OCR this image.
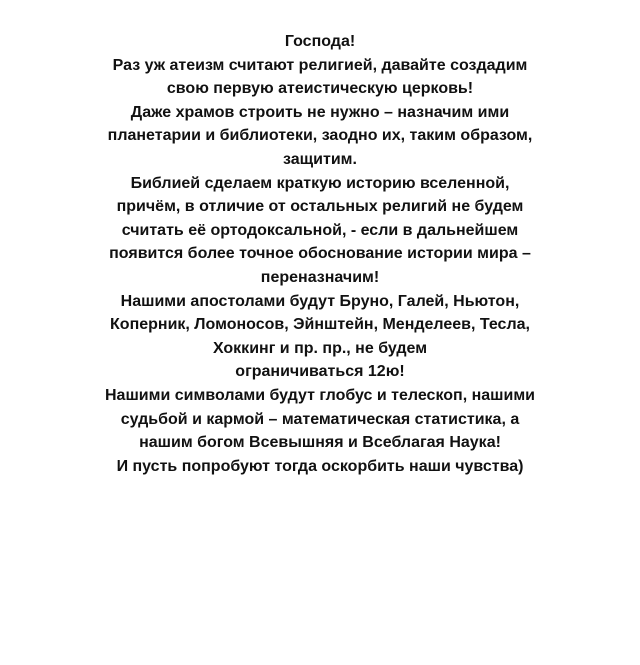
Господа!
Раз уж атеизм считают религией, давайте создадим
свою первую атеистическую церковь!
Даже храмов строить не нужно – назначим ими
планетарии и библиотеки, заодно их, таким образом,
защитим.
Библией сделаем краткую историю вселенной,
причём, в отличие от остальных религий не будем
считать её ортодоксальной, - если в дальнейшем
появится более точное обоснование истории мира –
переназначим!
Нашими апостолами будут Бруно, Галей, Ньютон,
Коперник, Ломоносов, Эйнштейн, Менделеев, Тесла,
Хоккинг и пр. пр., не будем
ограничиваться 12ю!
Нашими символами будут глобус и телескоп, нашими
судьбой и кармой – математическая статистика, а
нашим богом Всевышняя и Всеблагая Наука!
И пусть попробуют тогда оскорбить наши чувства)
